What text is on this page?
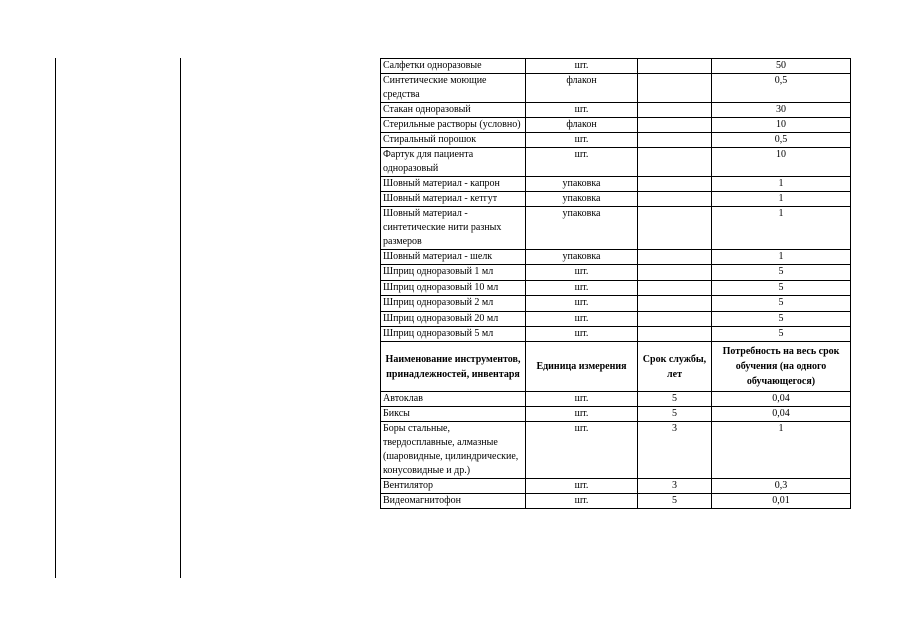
Салфетки одноразовые	шт.		50
Синтетические моющие средства	флакон		0,5
Стакан одноразовый	шт.		30
Стерильные растворы (условно)	флакон		10
Стиральный порошок	шт.		0,5
Фартук для пациента одноразовый	шт.		10
Шовный материал - капрон	упаковка		1
Шовный материал - кетгут	упаковка		1
Шовный материал - синтетические нити разных размеров	упаковка		1
Шовный материал - шелк	упаковка		1
Шприц одноразовый 1 мл	шт.		5
Шприц одноразовый 10 мл	шт.		5
Шприц одноразовый 2 мл	шт.		5
Шприц одноразовый 20 мл	шт.		5
Шприц одноразовый 5 мл	шт.		5
Наименование инструментов, принадлежностей, инвентаря	Единица измерения	Срок службы, лет	Потребность на весь срок обучения (на одного обучающегося)
Автоклав	шт.	5	0,04
Биксы	шт.	5	0,04
Боры стальные, твердосплавные, алмазные (шаровидные, цилиндрические, конусовидные и др.)	шт.	3	1
Вентилятор	шт.	3	0,3
Видеомагнитофон	шт.	5	0,01
